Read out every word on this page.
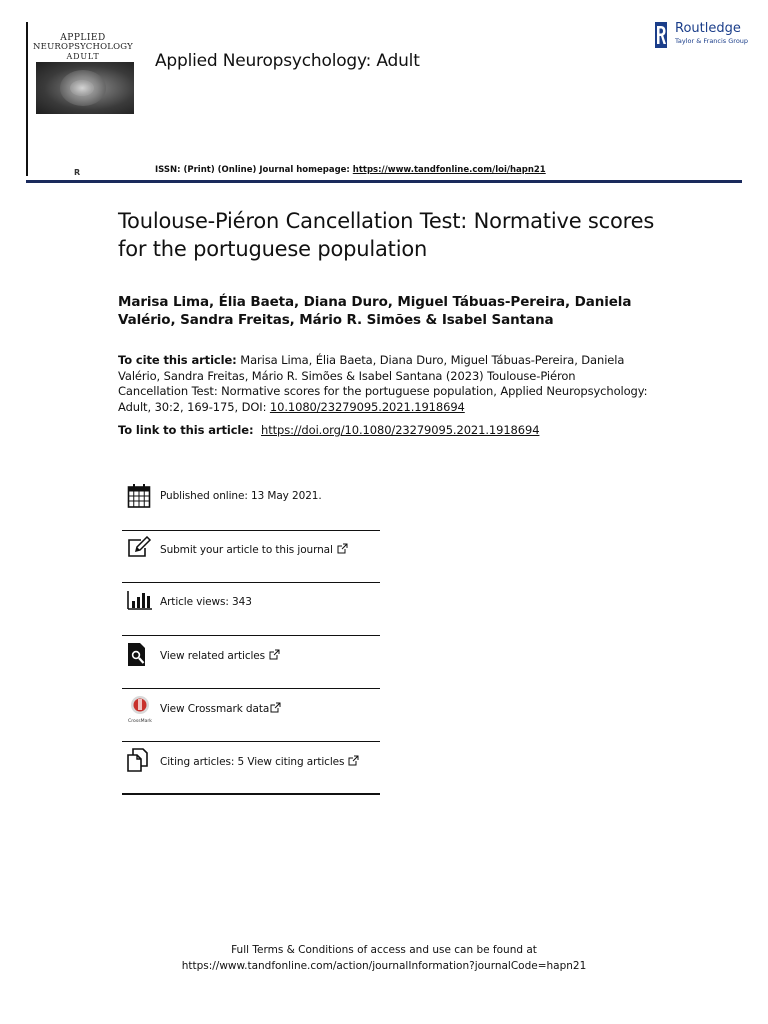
APPLIED
NEUROPSYCHOLOGY
ADULT
R
Applied Neuropsychology: Adult
ISSN: (Print) (Online) Journal homepage: https://www.tandfonline.com/loi/hapn21
Routledge
Taylor & Francis Group
Toulouse-Piéron Cancellation Test: Normative scores for the portuguese population
Marisa Lima, Élia Baeta, Diana Duro, Miguel Tábuas-Pereira, Daniela Valério, Sandra Freitas, Mário R. Simões & Isabel Santana
To cite this article: Marisa Lima, Élia Baeta, Diana Duro, Miguel Tábuas-Pereira, Daniela Valério, Sandra Freitas, Mário R. Simões & Isabel Santana (2023) Toulouse-Piéron Cancellation Test: Normative scores for the portuguese population, Applied Neuropsychology: Adult, 30:2, 169-175, DOI: 10.1080/23279095.2021.1918694
To link to this article: https://doi.org/10.1080/23279095.2021.1918694
Published online: 13 May 2021.
Submit your article to this journal
Article views: 343
View related articles
CrossMark
View Crossmark data
Citing articles: 5 View citing articles
Full Terms & Conditions of access and use can be found at
https://www.tandfonline.com/action/journalInformation?journalCode=hapn21
